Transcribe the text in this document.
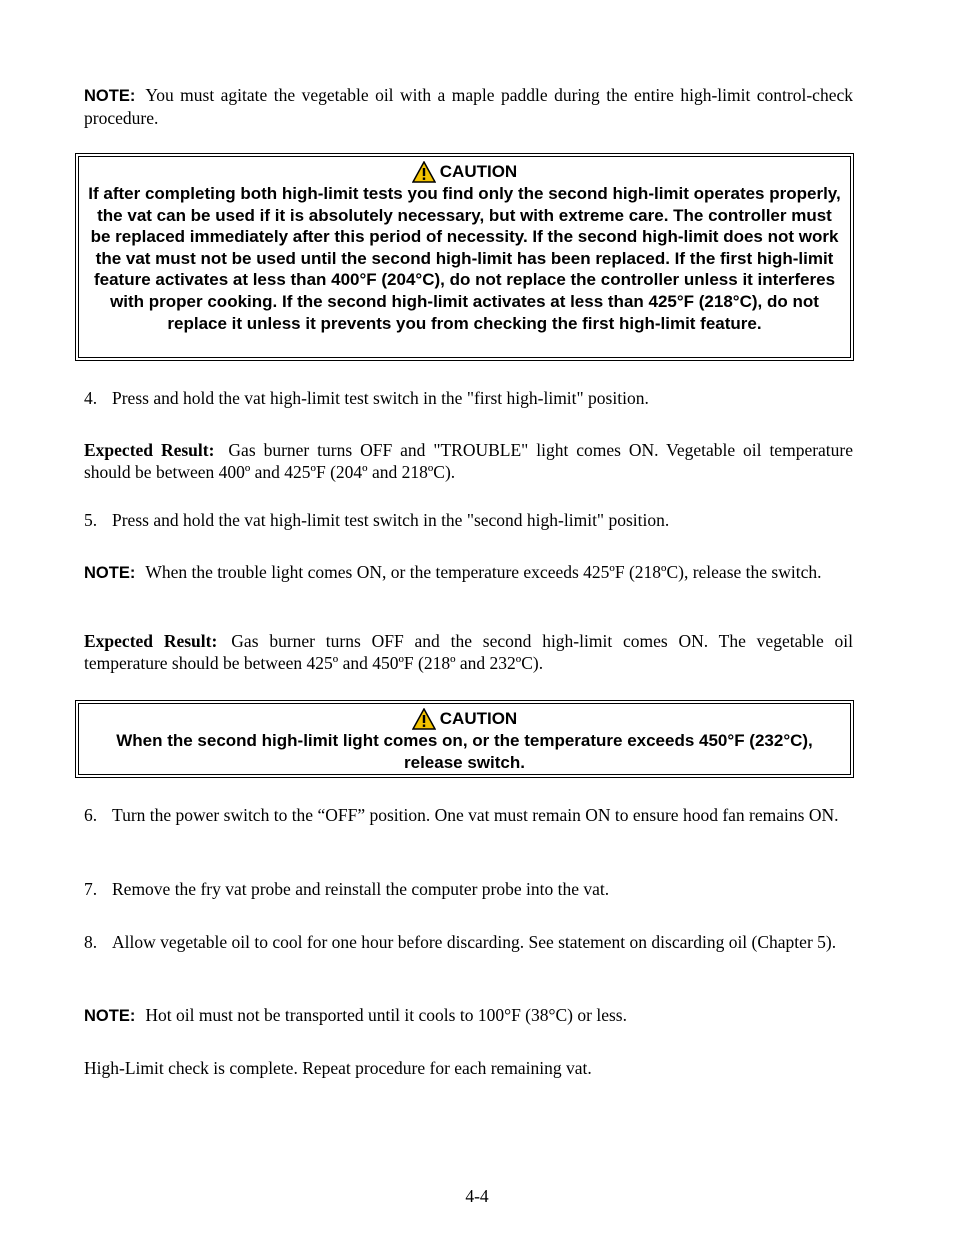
NOTE: You must agitate the vegetable oil with a maple paddle during the entire high-limit control-check procedure.
CAUTION
If after completing both high-limit tests you find only the second high-limit operates properly, the vat can be used if it is absolutely necessary, but with extreme care. The controller must be replaced immediately after this period of necessity. If the second high-limit does not work the vat must not be used until the second high-limit has been replaced. If the first high-limit feature activates at less than 400°F (204°C), do not replace the controller unless it interferes with proper cooking. If the second high-limit activates at less than 425°F (218°C), do not replace it unless it prevents you from checking the first high-limit feature.
4. Press and hold the vat high-limit test switch in the "first high-limit" position.
Expected Result: Gas burner turns OFF and "TROUBLE" light comes ON. Vegetable oil temperature should be between 400º and 425ºF (204º and 218ºC).
5. Press and hold the vat high-limit test switch in the "second high-limit" position.
NOTE: When the trouble light comes ON, or the temperature exceeds 425ºF (218ºC), release the switch.
Expected Result: Gas burner turns OFF and the second high-limit comes ON. The vegetable oil temperature should be between 425º and 450ºF (218º and 232ºC).
CAUTION
When the second high-limit light comes on, or the temperature exceeds 450°F (232°C), release switch.
6. Turn the power switch to the “OFF” position. One vat must remain ON to ensure hood fan remains ON.
7. Remove the fry vat probe and reinstall the computer probe into the vat.
8. Allow vegetable oil to cool for one hour before discarding. See statement on discarding oil (Chapter 5).
NOTE: Hot oil must not be transported until it cools to 100°F (38°C) or less.
High-Limit check is complete. Repeat procedure for each remaining vat.
4-4
